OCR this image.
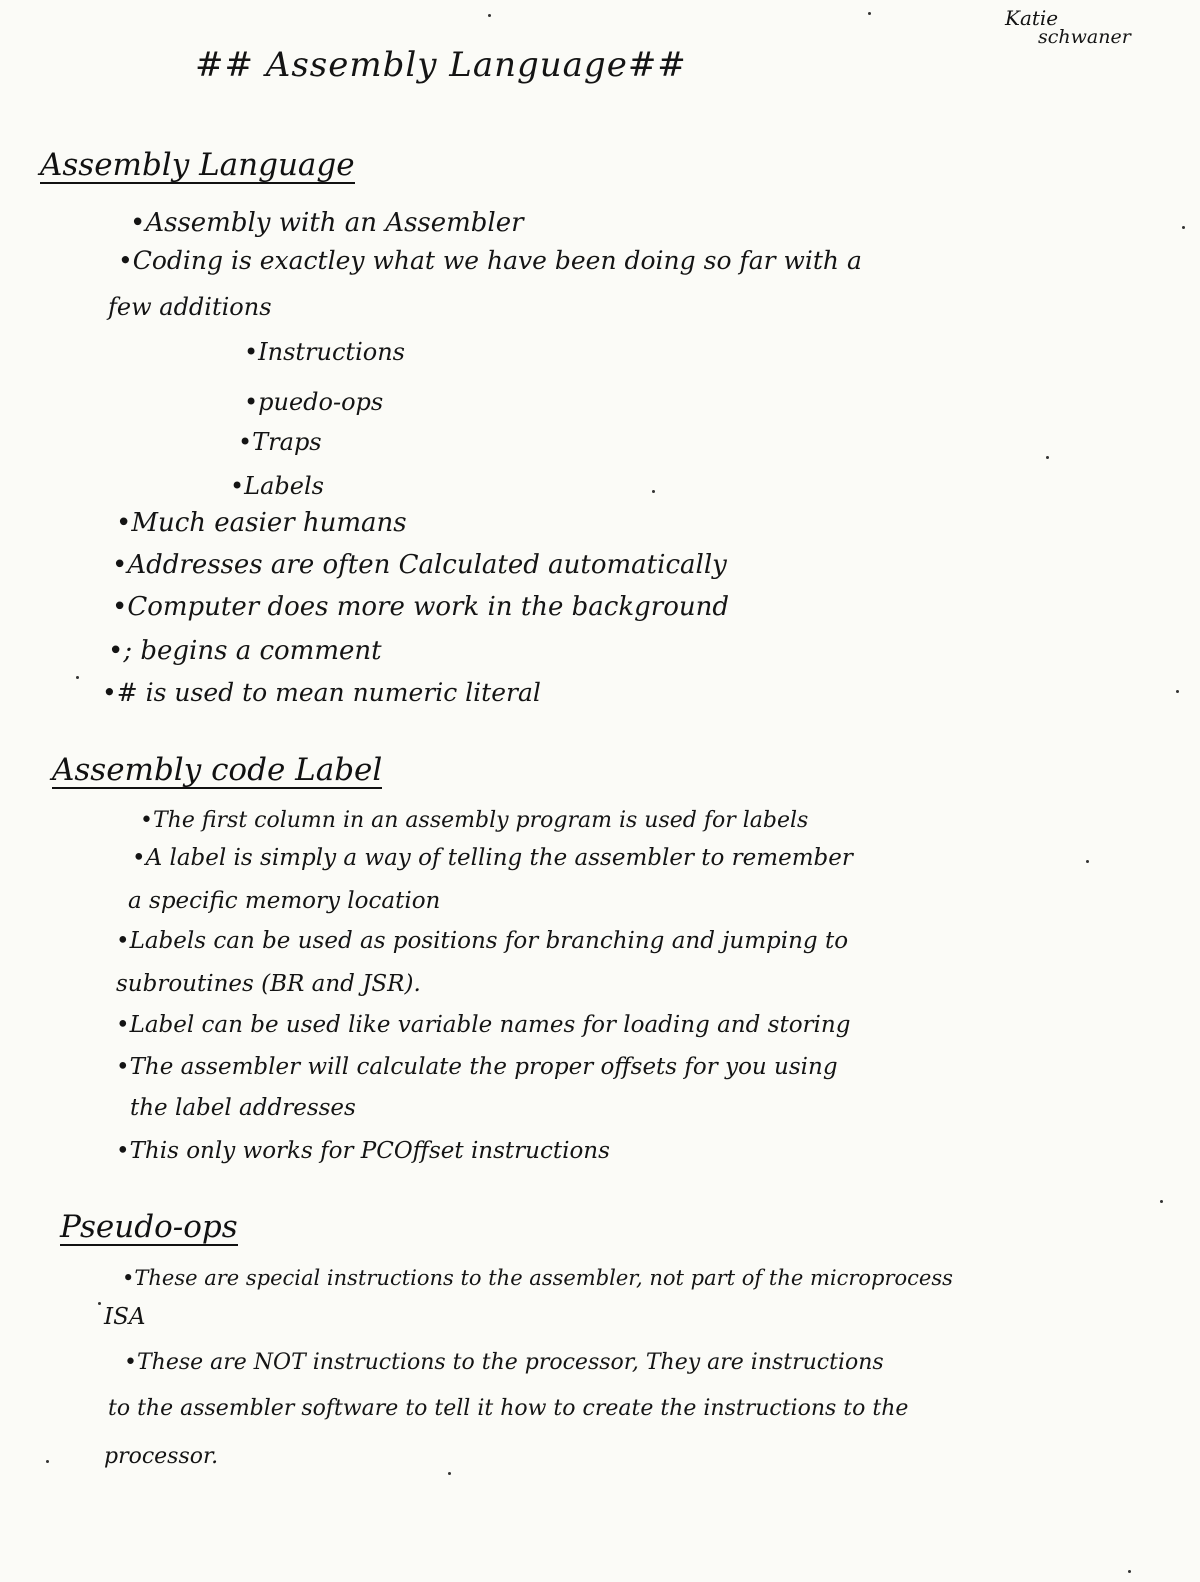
Katie
schwaner
## Assembly Language##
Assembly Language
•Assembly with an Assembler
•Coding is exactley what we have been doing so far with a
few additions
•Instructions
•puedo-ops
•Traps
•Labels
•Much easier humans
•Addresses are often Calculated automatically
•Computer does more work in the background
•; begins a comment
•# is used to mean numeric literal
Assembly code Label
•The first column in an assembly program is used for labels
•A label is simply a way of telling the assembler to remember
a specific memory location
•Labels can be used as positions for branching and jumping to
subroutines (BR and JSR).
•Label can be used like variable names for loading and storing
•The assembler will calculate the proper offsets for you using
the label addresses
•This only works for PCOffset instructions
Pseudo-ops
•These are special instructions to the assembler, not part of the microprocess
ISA
•These are NOT instructions to the processor, They are instructions
to the assembler software to tell it how to create the instructions to the
processor.
